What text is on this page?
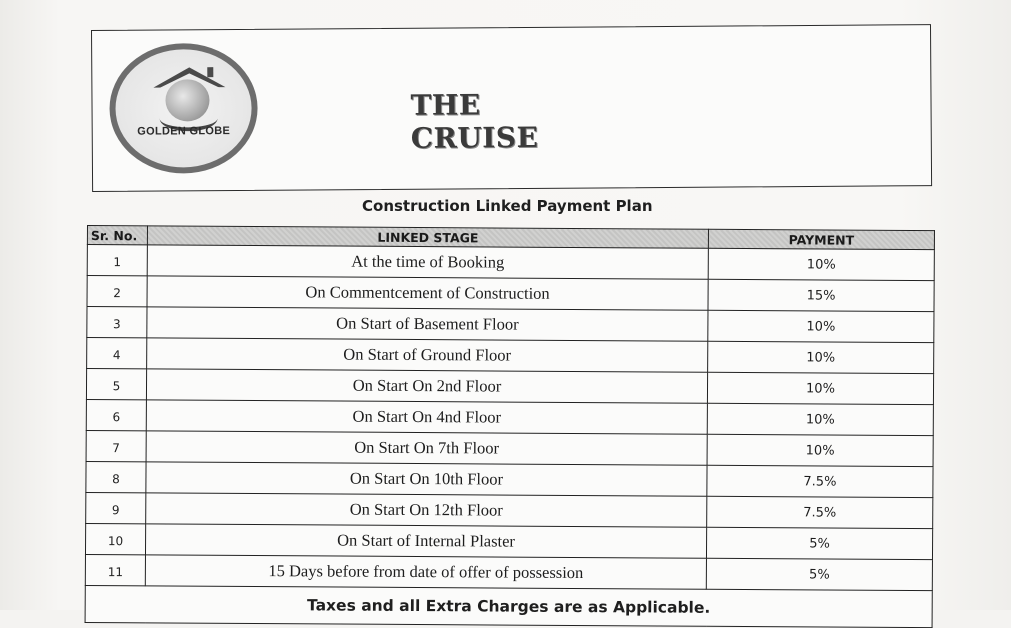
GOLDEN GLOBE
THE CRUISE
Construction Linked Payment Plan
Sr. No.	LINKED STAGE	PAYMENT
1	At the time of Booking	10%
2	On Commentcement of Construction	15%
3	On Start of Basement Floor	10%
4	On Start of Ground Floor	10%
5	On Start On 2nd Floor	10%
6	On Start On 4nd Floor	10%
7	On Start On 7th Floor	10%
8	On Start On 10th Floor	7.5%
9	On Start On 12th Floor	7.5%
10	On Start of Internal Plaster	5%
11	15 Days before from date of offer of possession	5%
Taxes and all Extra Charges are as Applicable.		
